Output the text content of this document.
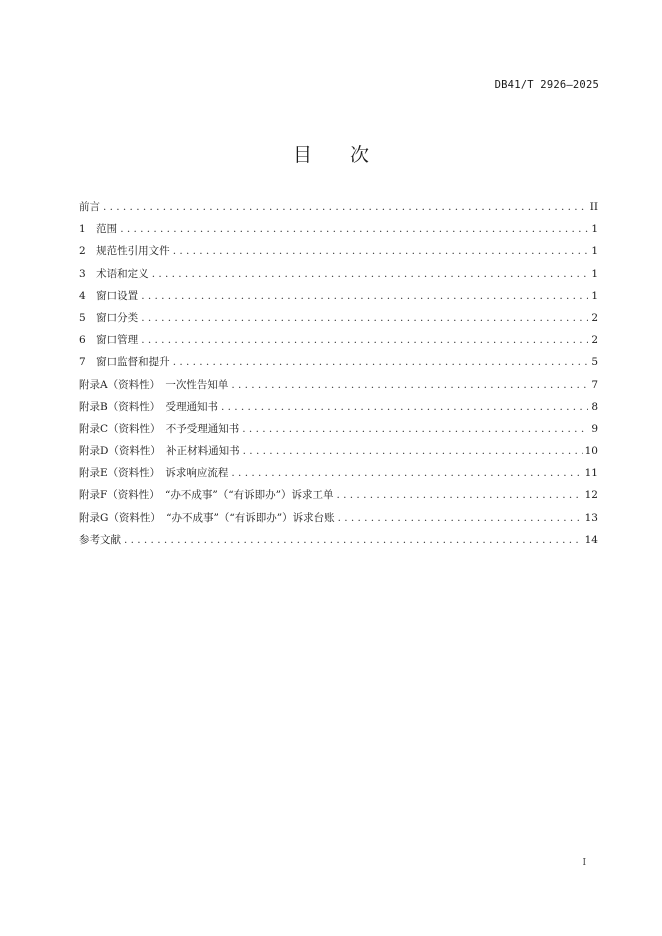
DB41/T 2926—2025
目 次
前言 .....	II
1　范围 .....	1
2　规范性引用文件 .....	1
3　术语和定义 .....	1
4　窗口设置 .....	1
5　窗口分类 .....	2
6　窗口管理 .....	2
7　窗口监督和提升 .....	5
附录A（资料性）　一次性告知单 .....	7
附录B（资料性）　受理通知书 .....	8
附录C（资料性）　不予受理通知书 .....	9
附录D（资料性）　补正材料通知书 .....	10
附录E（资料性）　诉求响应流程 .....	11
附录F（资料性）　“办不成事”（“有诉即办”）诉求工单 .....	12
附录G（资料性）　“办不成事”（“有诉即办”）诉求台账 .....	13
参考文献 .....	14
I
